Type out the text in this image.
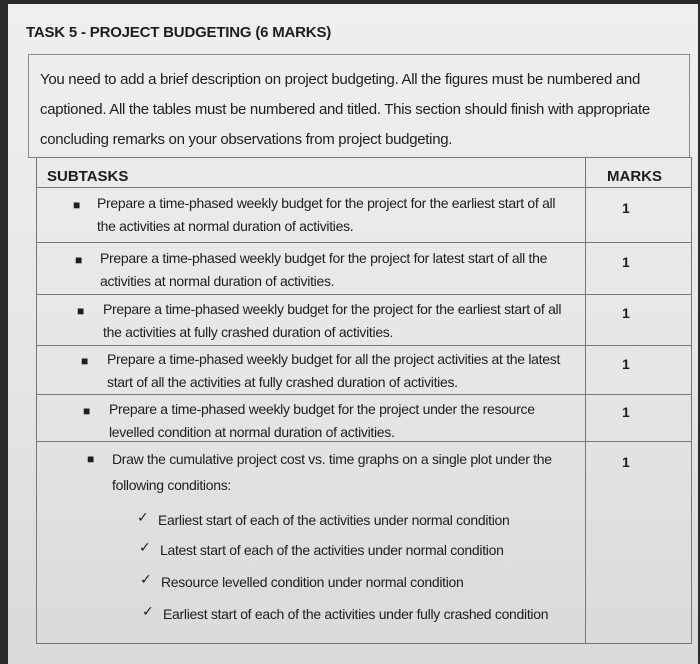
TASK 5 - PROJECT BUDGETING (6 MARKS)
You need to add a brief description on project budgeting. All the figures must be numbered and captioned. All the tables must be numbered and titled. This section should finish with appropriate concluding remarks on your observations from project budgeting.
SUBTASKS	MARKS
■ Prepare a time-phased weekly budget for the project for the earliest start of all the activities at normal duration of activities.
1
■ Prepare a time-phased weekly budget for the project for latest start of all the activities at normal duration of activities.
1
■ Prepare a time-phased weekly budget for the project for the earliest start of all the activities at fully crashed duration of activities.
1
■ Prepare a time-phased weekly budget for all the project activities at the latest start of all the activities at fully crashed duration of activities.
1
■ Prepare a time-phased weekly budget for the project under the resource levelled condition at normal duration of activities.
1
■ Draw the cumulative project cost vs. time graphs on a single plot under the following conditions:
1
✓ Earliest start of each of the activities under normal condition
✓ Latest start of each of the activities under normal condition
✓ Resource levelled condition under normal condition
✓ Earliest start of each of the activities under fully crashed condition
